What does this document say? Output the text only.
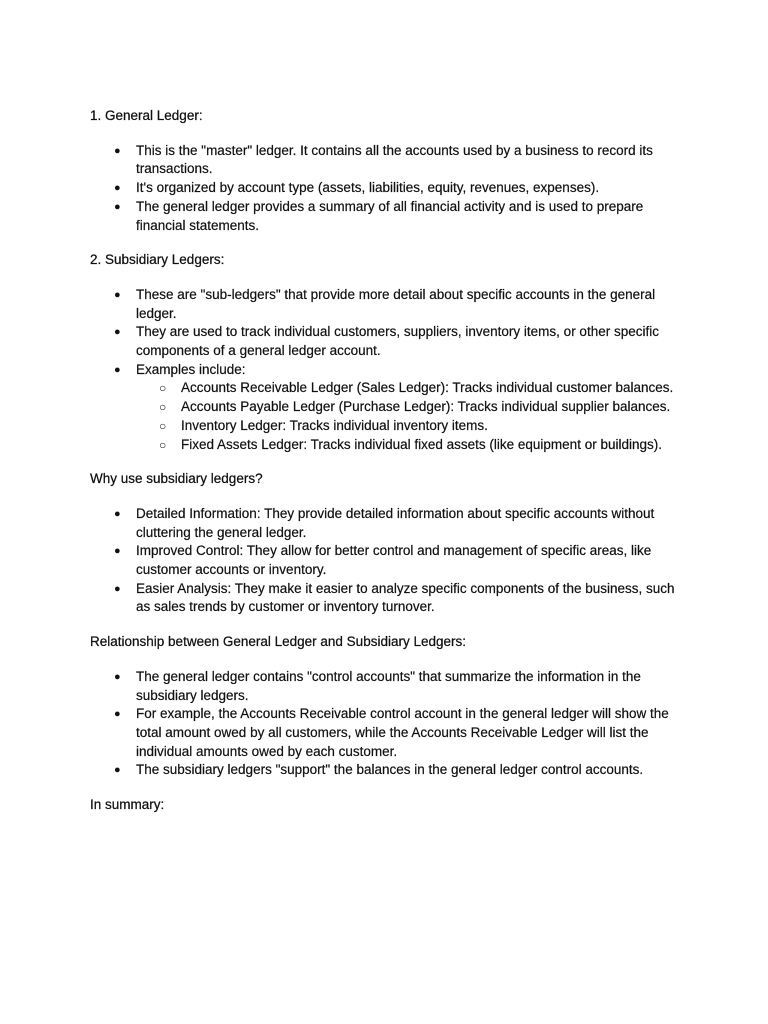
1. General Ledger:

● This is the "master" ledger. It contains all the accounts used by a business to record its transactions.
● It's organized by account type (assets, liabilities, equity, revenues, expenses).
● The general ledger provides a summary of all financial activity and is used to prepare financial statements.

2. Subsidiary Ledgers:

● These are "sub-ledgers" that provide more detail about specific accounts in the general ledger.
● They are used to track individual customers, suppliers, inventory items, or other specific components of a general ledger account.
● Examples include:
○ Accounts Receivable Ledger (Sales Ledger): Tracks individual customer balances.
○ Accounts Payable Ledger (Purchase Ledger): Tracks individual supplier balances.
○ Inventory Ledger: Tracks individual inventory items.
○ Fixed Assets Ledger: Tracks individual fixed assets (like equipment or buildings).

Why use subsidiary ledgers?

● Detailed Information: They provide detailed information about specific accounts without cluttering the general ledger.
● Improved Control: They allow for better control and management of specific areas, like customer accounts or inventory.
● Easier Analysis: They make it easier to analyze specific components of the business, such as sales trends by customer or inventory turnover.

Relationship between General Ledger and Subsidiary Ledgers:

● The general ledger contains "control accounts" that summarize the information in the subsidiary ledgers.
● For example, the Accounts Receivable control account in the general ledger will show the total amount owed by all customers, while the Accounts Receivable Ledger will list the individual amounts owed by each customer.
● The subsidiary ledgers "support" the balances in the general ledger control accounts.

In summary:
